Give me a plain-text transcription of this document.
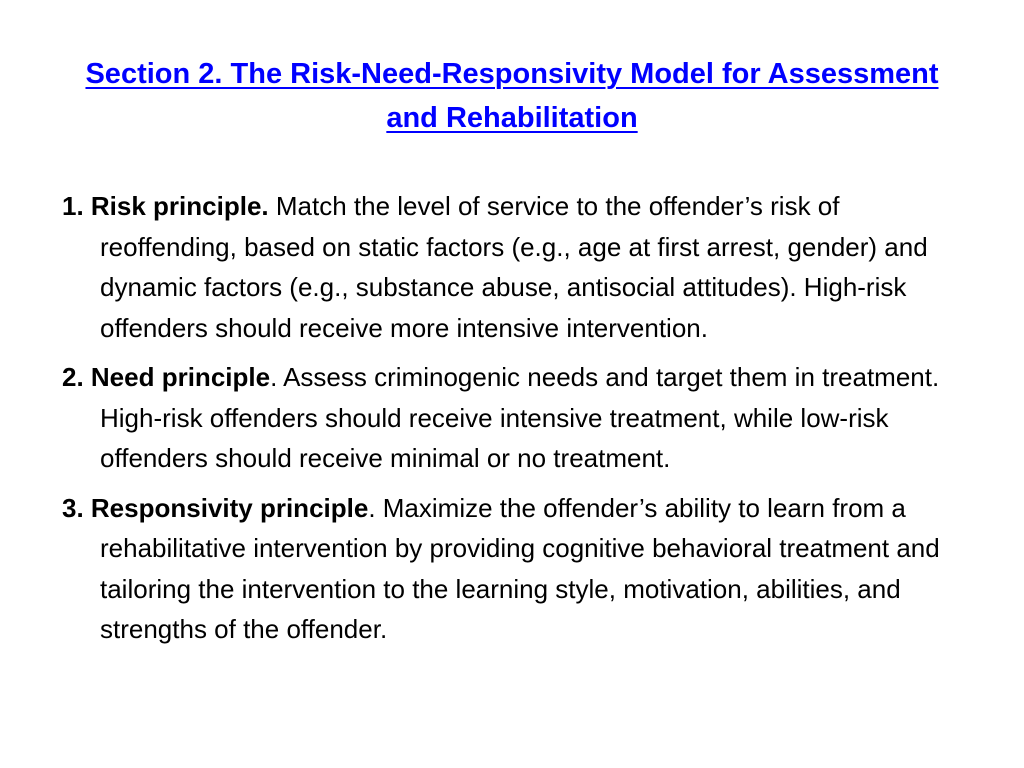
Section 2. The Risk-Need-Responsivity Model for Assessment and Rehabilitation
1. Risk principle. Match the level of service to the offender’s risk of reoffending, based on static factors (e.g., age at first arrest, gender) and dynamic factors (e.g., substance abuse, antisocial attitudes). High-risk offenders should receive more intensive intervention.
2. Need principle. Assess criminogenic needs and target them in treatment. High-risk offenders should receive intensive treatment, while low-risk offenders should receive minimal or no treatment.
3. Responsivity principle. Maximize the offender’s ability to learn from a rehabilitative intervention by providing cognitive behavioral treatment and tailoring the intervention to the learning style, motivation, abilities, and strengths of the offender.
